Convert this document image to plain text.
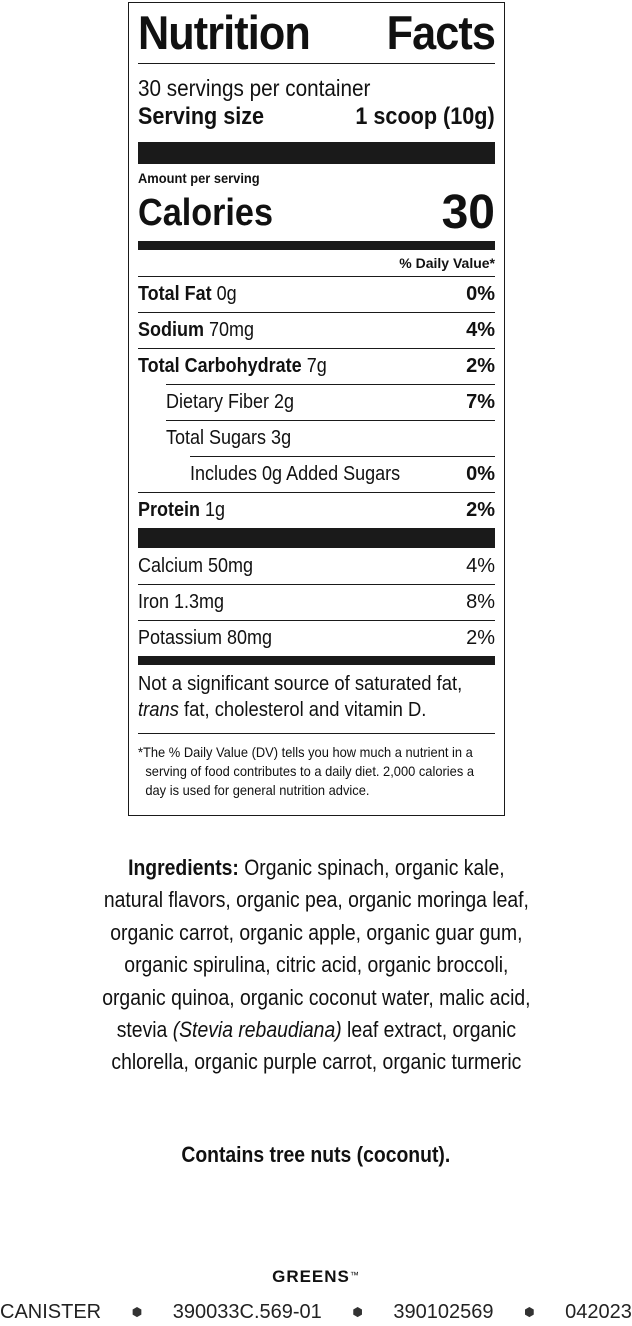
Nutrition Facts
30 servings per container
Serving size	1 scoop (10g)
Amount per serving
Calories	30
% Daily Value*
Total Fat 0g	0%
Sodium 70mg	4%
Total Carbohydrate 7g	2%
Dietary Fiber 2g	7%
Total Sugars 3g
Includes 0g Added Sugars	0%
Protein 1g	2%
Calcium 50mg	4%
Iron 1.3mg	8%
Potassium 80mg	2%
Not a significant source of saturated fat,
trans fat, cholesterol and vitamin D.
*The % Daily Value (DV) tells you how much a nutrient in a serving of food contributes to a daily diet. 2,000 calories a day is used for general nutrition advice.
Ingredients: Organic spinach, organic kale, natural flavors, organic pea, organic moringa leaf, organic carrot, organic apple, organic guar gum, organic spirulina, citric acid, organic broccoli, organic quinoa, organic coconut water, malic acid, stevia (Stevia rebaudiana) leaf extract, organic chlorella, organic purple carrot, organic turmeric
Contains tree nuts (coconut).
GREENS™
CANISTER	⬢ 390033C.569-01	⬢ 390102569	⬢ 042023
